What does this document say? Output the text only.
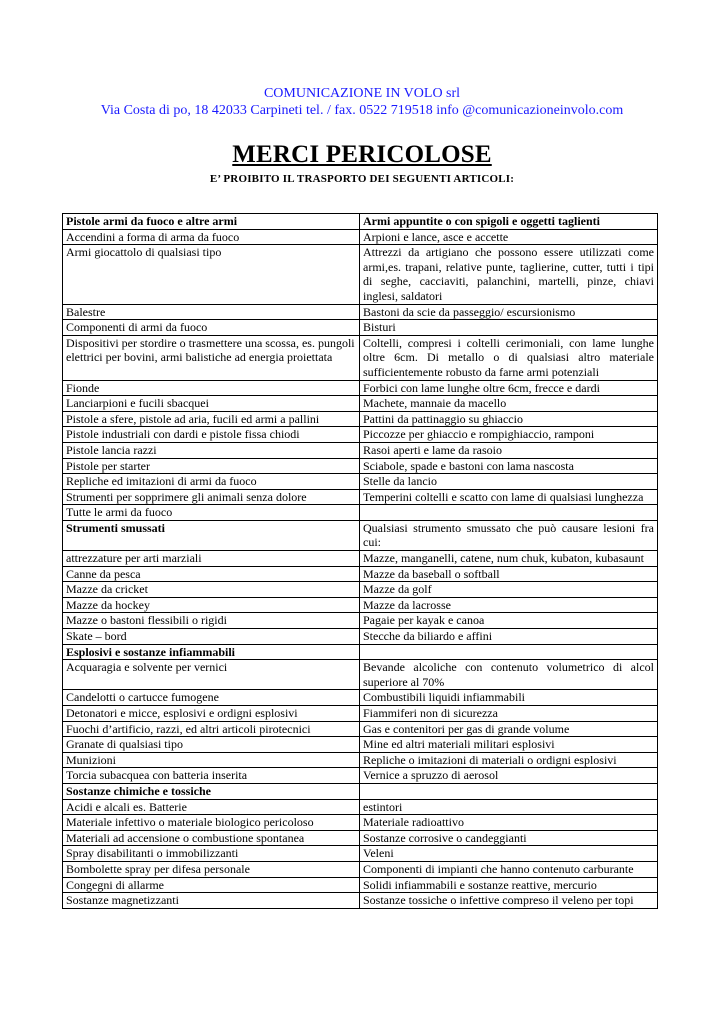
COMUNICAZIONE IN VOLO srl
Via Costa di po, 18 42033 Carpineti tel. / fax. 0522 719518 info @comunicazioneinvolo.com
MERCI PERICOLOSE
E’ PROIBITO IL TRASPORTO DEI SEGUENTI ARTICOLI:
Pistole armi da fuoco e altre armi	Armi appuntite o con spigoli e oggetti taglienti
Accendini a forma di arma da fuoco	Arpioni e lance, asce e accette
Armi giocattolo di qualsiasi tipo	Attrezzi da artigiano che possono essere utilizzati come armi,es. trapani, relative punte, taglierine, cutter, tutti i tipi di seghe, cacciaviti, palanchini, martelli, pinze, chiavi inglesi, saldatori
Balestre	Bastoni da scie da passeggio/ escursionismo
Componenti di armi da fuoco	Bisturi
Dispositivi per stordire o trasmettere una scossa, es. pungoli elettrici per bovini, armi balistiche ad energia proiettata	Coltelli, compresi i coltelli cerimoniali, con lame lunghe oltre 6cm. Di metallo o di qualsiasi altro materiale sufficientemente robusto da farne armi potenziali
Fionde	Forbici con lame lunghe oltre 6cm, frecce e dardi
Lanciarpioni e fucili sbacquei	Machete, mannaie da macello
Pistole a sfere, pistole ad aria, fucili ed armi a pallini	Pattini da pattinaggio su ghiaccio
Pistole industriali con dardi e pistole fissa chiodi	Piccozze per ghiaccio e rompighiaccio, ramponi
Pistole lancia razzi	Rasoi aperti e lame da rasoio
Pistole per starter	Sciabole, spade e bastoni con lama nascosta
Repliche ed imitazioni di armi da fuoco	Stelle da lancio
Strumenti per sopprimere gli animali senza dolore	Temperini coltelli e scatto con lame di qualsiasi lunghezza
Tutte le armi da fuoco	
Strumenti smussati	Qualsiasi strumento smussato che può causare lesioni fra cui:
attrezzature per arti marziali	Mazze, manganelli, catene, num chuk, kubaton, kubasaunt
Canne da pesca	Mazze da baseball o softball
Mazze da cricket	Mazze da golf
Mazze da hockey	Mazze da lacrosse
Mazze o bastoni flessibili o rigidi	Pagaie per kayak e canoa
Skate – bord	Stecche da biliardo e affini
Esplosivi e sostanze infiammabili	
Acquaragia e solvente per vernici	Bevande alcoliche con contenuto volumetrico di alcol superiore al 70%
Candelotti o cartucce fumogene	Combustibili liquidi infiammabili
Detonatori e micce, esplosivi e ordigni esplosivi	Fiammiferi non di sicurezza
Fuochi d’artificio, razzi, ed altri articoli pirotecnici	Gas e contenitori per gas di grande volume
Granate di qualsiasi tipo	Mine ed altri materiali militari esplosivi
Munizioni	Repliche o imitazioni di materiali o ordigni esplosivi
Torcia subacquea con batteria inserita	Vernice a spruzzo di aerosol
Sostanze chimiche e tossiche	
Acidi e alcali es. Batterie	estintori
Materiale infettivo o materiale biologico pericoloso	Materiale radioattivo
Materiali ad accensione o combustione spontanea	Sostanze corrosive o candeggianti
Spray disabilitanti o immobilizzanti	Veleni
Bombolette spray per difesa personale	Componenti di impianti che hanno contenuto carburante
Congegni di allarme	Solidi infiammabili e sostanze reattive, mercurio
Sostanze magnetizzanti	Sostanze tossiche o infettive compreso il veleno per topi
